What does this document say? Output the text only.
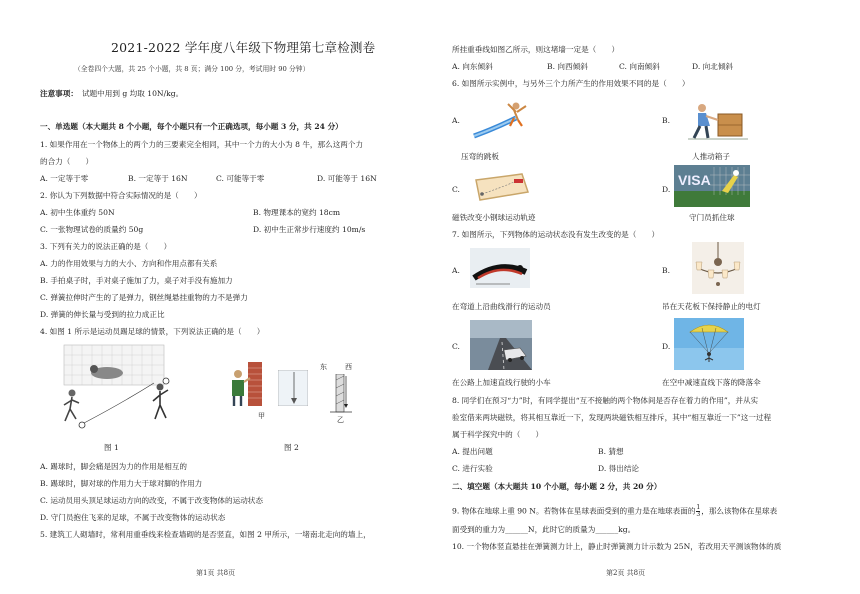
2021-2022 学年度八年级下物理第七章检测卷
（全卷四个大题，共 25 个小题，共 8 页；满分 100 分，考试用时 90 分钟）
注意事项： 试题中用到 g 均取 10N/kg。
一、单选题（本大题共 8 个小题，每个小题只有一个正确选项，每小题 3 分，共 24 分）
1. 如果作用在一个物体上的两个力的三要素完全相同，其中一个力的大小为 8 牛，那么这两个力
的合力（　　）
A. 一定等于零	B. 一定等于 16N	C. 可能等于零	D. 可能等于 16N
2. 你认为下列数据中符合实际情况的是（　　）
A. 初中生体重约 50N	B. 物理课本的宽约 18cm
C. 一张物理试卷的质量约 50g	D. 初中生正常步行速度约 10m/s
3. 下列有关力的说法正确的是（　　）
A. 力的作用效果与力的大小、方向和作用点都有关系
B. 手拍桌子时，手对桌子施加了力，桌子对手没有施加力
C. 弹簧拉伸时产生的了是弹力，钢丝绳悬挂重物的力不是弹力
D. 弹簧的伸长量与受到的拉力成正比
4. 如图 1 所示是运动员踢足球的情景，下列说法正确的是（　　）
图 1
甲
东	西
乙
图 2
A. 踢球时，脚会痛是因为力的作用是相互的
B. 踢球时，脚对球的作用力大于球对脚的作用力
C. 运动员用头顶足球运动方向的改变，不属于改变物体的运动状态
D. 守门员抱住飞来的足球，不属于改变物体的运动状态
5. 建筑工人砌墙时，常利用重垂线来检查墙砌的是否竖直，如图 2 甲所示，一堵南北走向的墙上，
第1页 共8页
所挂重垂线如图乙所示，则这堵墙一定是（　　）
A. 向东倾斜	B. 向西倾斜	C. 向南倾斜	D. 向北倾斜
6. 如图所示实例中，与另外三个力所产生的作用效果不同的是（　　）
A.
压弯的跳板
B.
人推动箱子
C.
磁铁改变小钢球运动轨迹
D.
VISA
守门员抓住球
7. 如图所示，下列物体的运动状态没有发生改变的是（　　）
A.
在弯道上沿曲线滑行的运动员
B.
吊在天花板下保持静止的电灯
C.
在公路上加速直线行驶的小车
D.
在空中减速直线下落的降落伞
8. 同学们在预习“力”时，有同学提出“互不接触的两个物体间是否存在着力的作用”，并从实
验室借来两块磁铁，将其相互靠近一下，发现两块磁铁相互排斥，其中“相互靠近一下”这一过程
属于科学探究中的（　　）
A. 提出问题	B. 猜想
C. 进行实验	D. 得出结论
二、填空题（本大题共 10 个小题，每小题 2 分，共 20 分）
9. 物体在地球上重 90 N。若物体在星球表面受到的重力是在地球表面的 $\frac{1}{3}$ ，那么该物体在星球表
面受到的重力为______N，此时它的质量为______kg。
10. 一个物体竖直悬挂在弹簧测力计上，静止时弹簧测力计示数为 25N，若改用天平测该物体的质
第2页 共8页
